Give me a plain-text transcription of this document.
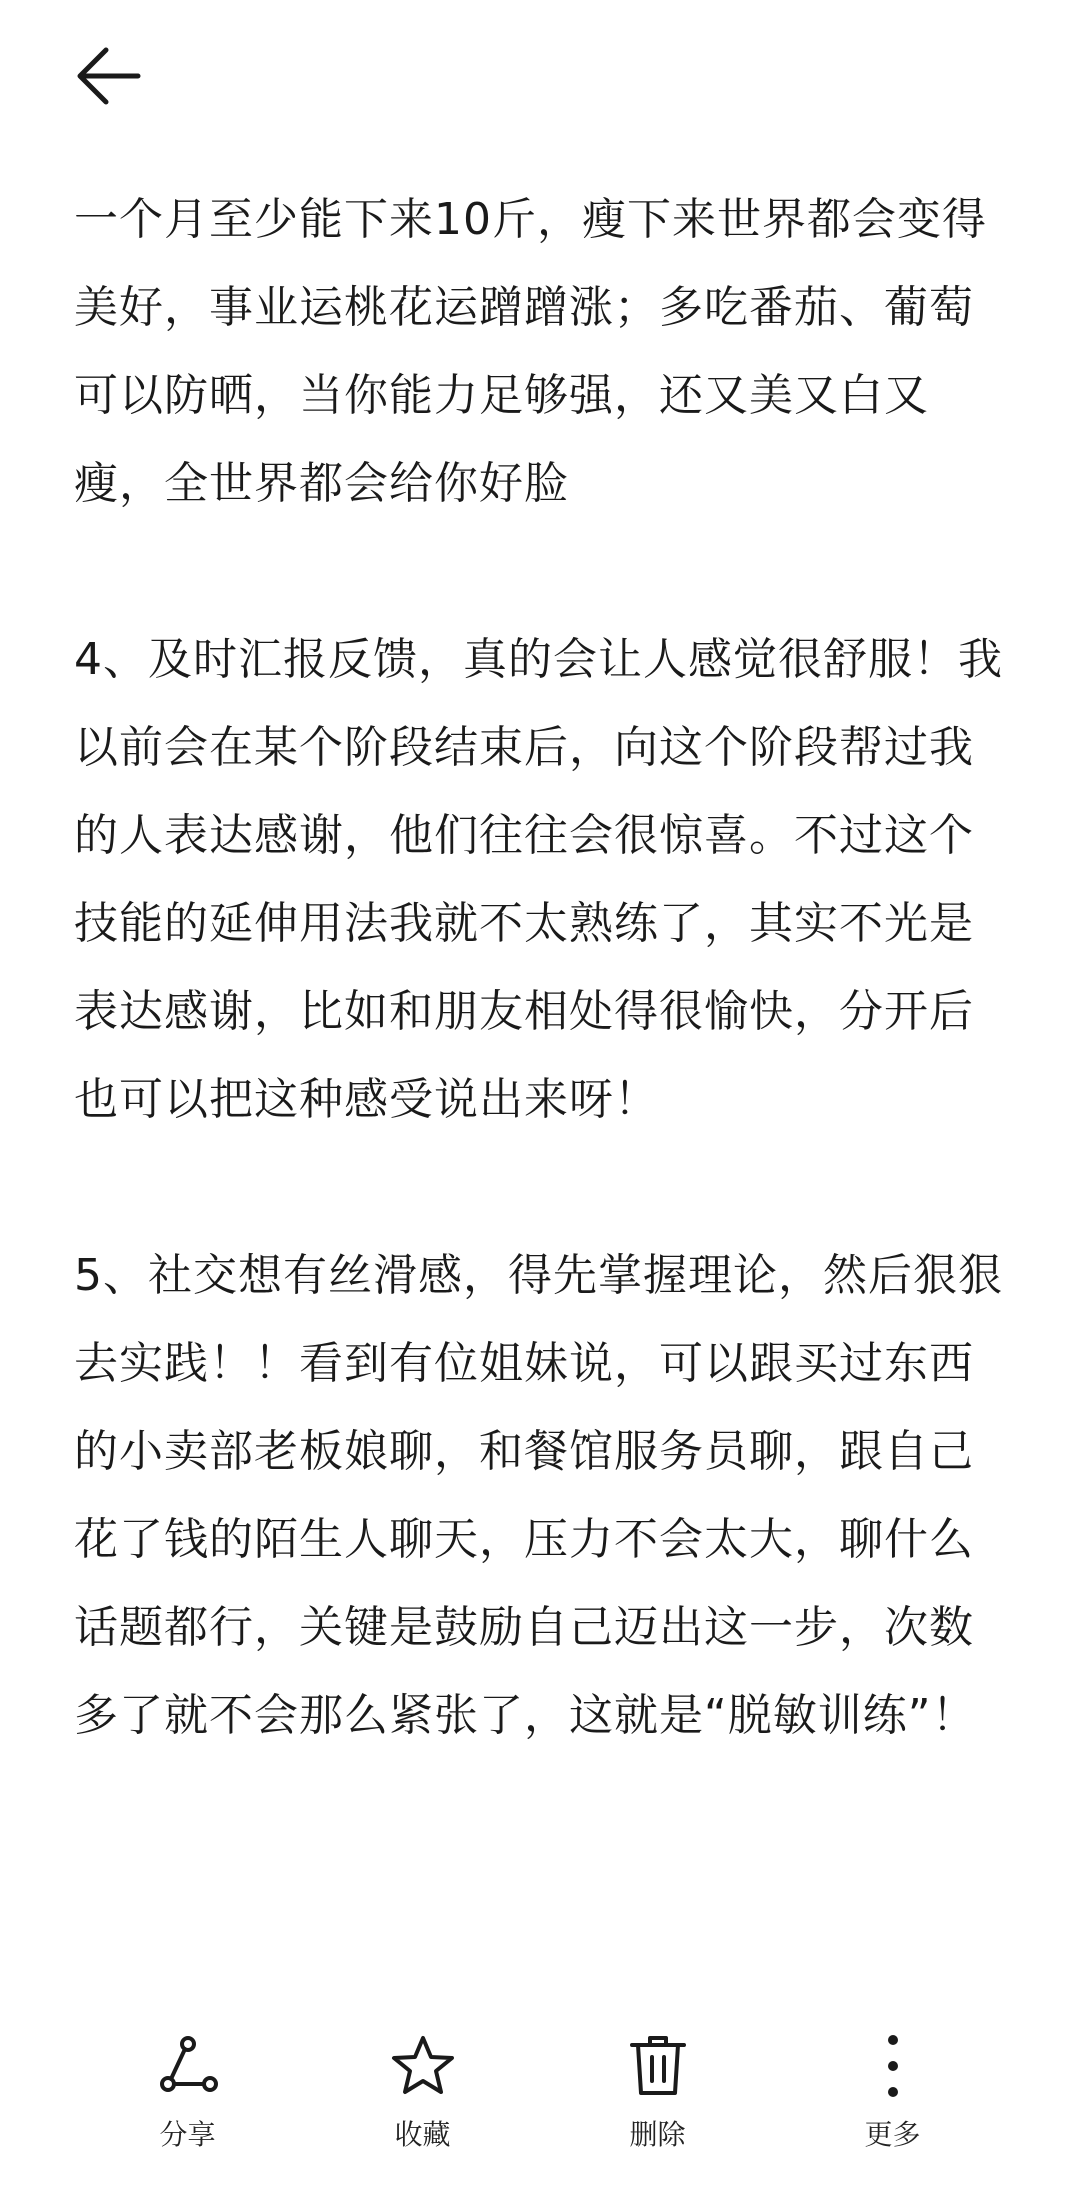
一个月至少能下来10斤，瘦下来世界都会变得美好，事业运桃花运蹭蹭涨；多吃番茄、葡萄可以防晒，当你能力足够强，还又美又白又瘦，全世界都会给你好脸

4、及时汇报反馈，真的会让人感觉很舒服！我以前会在某个阶段结束后，向这个阶段帮过我的人表达感谢，他们往往会很惊喜。不过这个技能的延伸用法我就不太熟练了，其实不光是表达感谢，比如和朋友相处得很愉快，分开后也可以把这种感受说出来呀！

5、社交想有丝滑感，得先掌握理论，然后狠狠去实践！！看到有位姐妹说，可以跟买过东西的小卖部老板娘聊，和餐馆服务员聊，跟自己花了钱的陌生人聊天，压力不会太大，聊什么话题都行，关键是鼓励自己迈出这一步，次数多了就不会那么紧张了，这就是“脱敏训练”！

分享	收藏	删除	更多
